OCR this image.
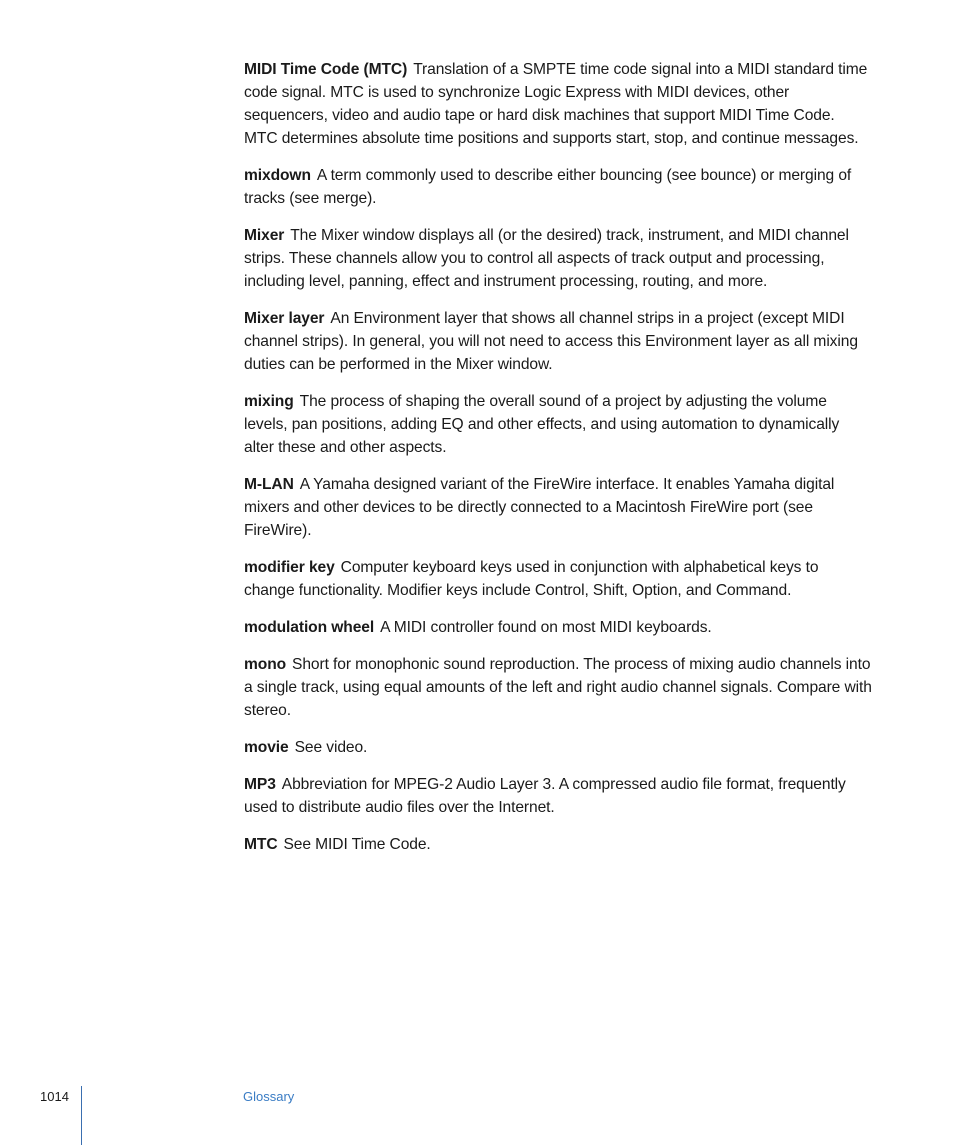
MIDI Time Code (MTC) Translation of a SMPTE time code signal into a MIDI standard time code signal. MTC is used to synchronize Logic Express with MIDI devices, other sequencers, video and audio tape or hard disk machines that support MIDI Time Code. MTC determines absolute time positions and supports start, stop, and continue messages.

mixdown A term commonly used to describe either bouncing (see bounce) or merging of tracks (see merge).

Mixer The Mixer window displays all (or the desired) track, instrument, and MIDI channel strips. These channels allow you to control all aspects of track output and processing, including level, panning, effect and instrument processing, routing, and more.

Mixer layer An Environment layer that shows all channel strips in a project (except MIDI channel strips). In general, you will not need to access this Environment layer as all mixing duties can be performed in the Mixer window.

mixing The process of shaping the overall sound of a project by adjusting the volume levels, pan positions, adding EQ and other effects, and using automation to dynamically alter these and other aspects.

M-LAN A Yamaha designed variant of the FireWire interface. It enables Yamaha digital mixers and other devices to be directly connected to a Macintosh FireWire port (see FireWire).

modifier key Computer keyboard keys used in conjunction with alphabetical keys to change functionality. Modifier keys include Control, Shift, Option, and Command.

modulation wheel A MIDI controller found on most MIDI keyboards.

mono Short for monophonic sound reproduction. The process of mixing audio channels into a single track, using equal amounts of the left and right audio channel signals. Compare with stereo.

movie See video.

MP3 Abbreviation for MPEG-2 Audio Layer 3. A compressed audio file format, frequently used to distribute audio files over the Internet.

MTC See MIDI Time Code.

1014	Glossary
